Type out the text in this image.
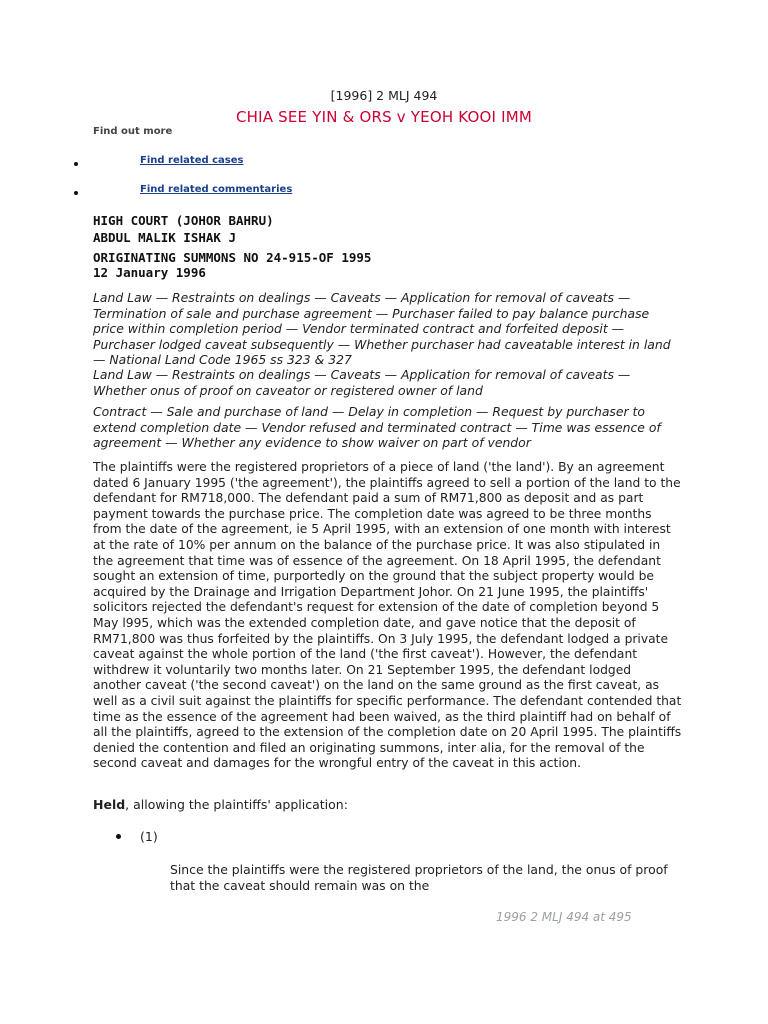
[1996] 2 MLJ 494
CHIA SEE YIN & ORS v YEOH KOOI IMM
Find out more
Find related cases
Find related commentaries
HIGH COURT (JOHOR BAHRU)
ABDUL MALIK ISHAK J
ORIGINATING SUMMONS NO 24-915-OF 1995
12 January 1996
Land Law — Restraints on dealings — Caveats — Application for removal of caveats — Termination of sale and purchase agreement — Purchaser failed to pay balance purchase price within completion period — Vendor terminated contract and forfeited deposit — Purchaser lodged caveat subsequently — Whether purchaser had caveatable interest in land — National Land Code 1965 ss 323 & 327
Land Law — Restraints on dealings — Caveats — Application for removal of caveats — Whether onus of proof on caveator or registered owner of land
Contract — Sale and purchase of land — Delay in completion — Request by purchaser to extend completion date — Vendor refused and terminated contract — Time was essence of agreement — Whether any evidence to show waiver on part of vendor
The plaintiffs were the registered proprietors of a piece of land ('the land'). By an agreement dated 6 January 1995 ('the agreement'), the plaintiffs agreed to sell a portion of the land to the defendant for RM718,000. The defendant paid a sum of RM71,800 as deposit and as part payment towards the purchase price. The completion date was agreed to be three months from the date of the agreement, ie 5 April 1995, with an extension of one month with interest at the rate of 10% per annum on the balance of the purchase price. It was also stipulated in the agreement that time was of essence of the agreement. On 18 April 1995, the defendant sought an extension of time, purportedly on the ground that the subject property would be acquired by the Drainage and Irrigation Department Johor. On 21 June 1995, the plaintiffs' solicitors rejected the defendant's request for extension of the date of completion beyond 5 May l995, which was the extended completion date, and gave notice that the deposit of RM71,800 was thus forfeited by the plaintiffs. On 3 July 1995, the defendant lodged a private caveat against the whole portion of the land ('the first caveat'). However, the defendant withdrew it voluntarily two months later. On 21 September 1995, the defendant lodged another caveat ('the second caveat') on the land on the same ground as the first caveat, as well as a civil suit against the plaintiffs for specific performance. The defendant contended that time as the essence of the agreement had been waived, as the third plaintiff had on behalf of all the plaintiffs, agreed to the extension of the completion date on 20 April 1995. The plaintiffs denied the contention and filed an originating summons, inter alia, for the removal of the second caveat and damages for the wrongful entry of the caveat in this action.
Held, allowing the plaintiffs' application:
(1)
Since the plaintiffs were the registered proprietors of the land, the onus of proof that the caveat should remain was on the
1996 2 MLJ 494 at 495
